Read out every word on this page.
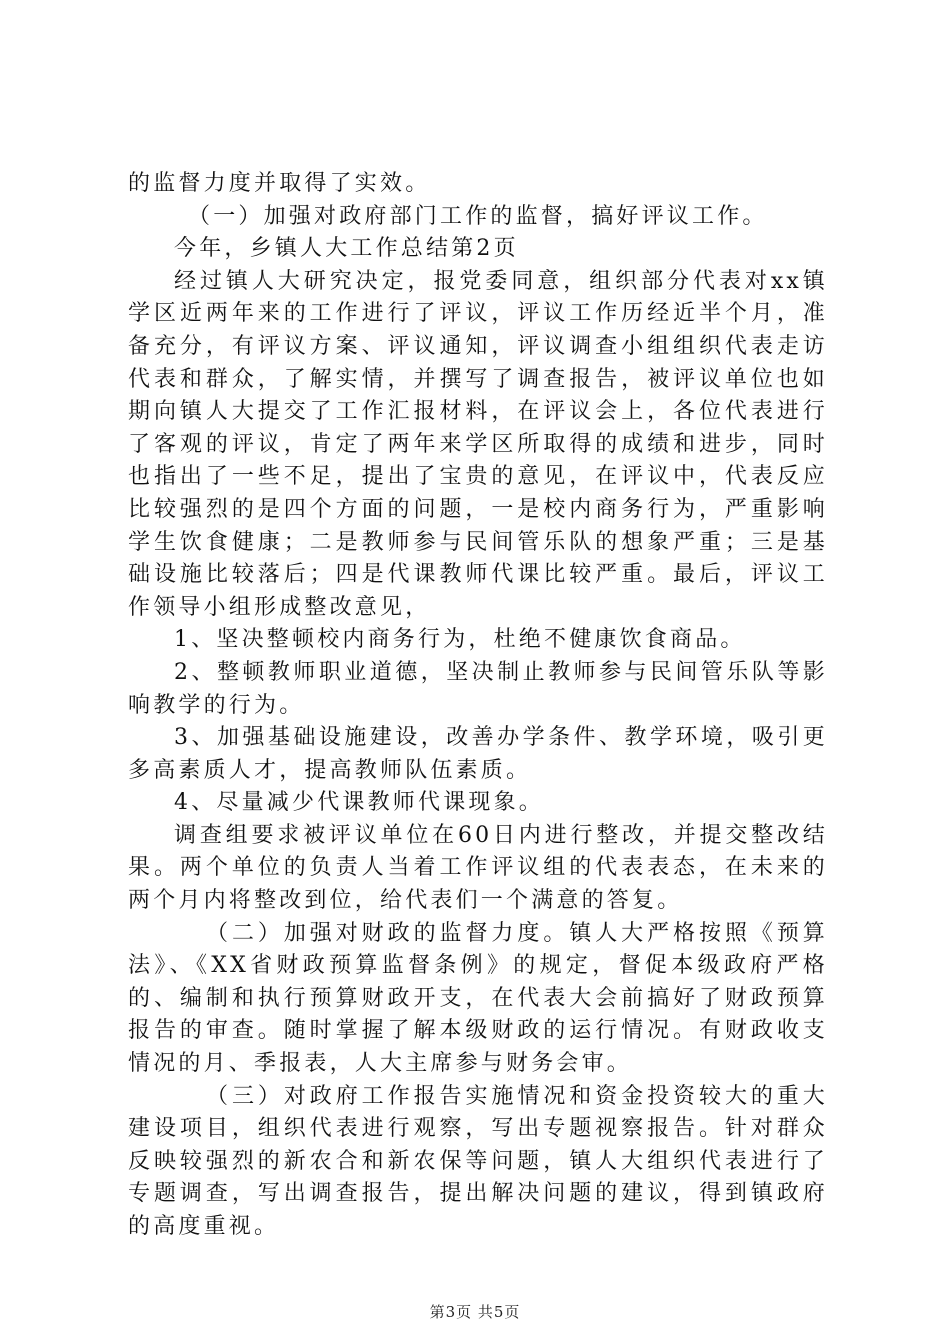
的监督力度并取得了实效。

（一）加强对政府部门工作的监督，搞好评议工作。

今年，乡镇人大工作总结第2页

经过镇人大研究决定，报党委同意，组织部分代表对xx镇学区近两年来的工作进行了评议，评议工作历经近半个月，准备充分，有评议方案、评议通知，评议调查小组组织代表走访代表和群众，了解实情，并撰写了调查报告，被评议单位也如期向镇人大提交了工作汇报材料，在评议会上，各位代表进行了客观的评议，肯定了两年来学区所取得的成绩和进步，同时也指出了一些不足，提出了宝贵的意见，在评议中，代表反应比较强烈的是四个方面的问题，一是校内商务行为，严重影响学生饮食健康；二是教师参与民间管乐队的想象严重；三是基础设施比较落后；四是代课教师代课比较严重。最后，评议工作领导小组形成整改意见，

1、坚决整顿校内商务行为，杜绝不健康饮食商品。

2、整顿教师职业道德，坚决制止教师参与民间管乐队等影响教学的行为。

3、加强基础设施建设，改善办学条件、教学环境，吸引更多高素质人才，提高教师队伍素质。

4、尽量减少代课教师代课现象。

调查组要求被评议单位在60日内进行整改，并提交整改结果。两个单位的负责人当着工作评议组的代表表态，在未来的两个月内将整改到位，给代表们一个满意的答复。

（二）加强对财政的监督力度。镇人大严格按照《预算法》、《XX省财政预算监督条例》的规定，督促本级政府严格的、编制和执行预算财政开支，在代表大会前搞好了财政预算报告的审查。随时掌握了解本级财政的运行情况。有财政收支情况的月、季报表，人大主席参与财务会审。

（三）对政府工作报告实施情况和资金投资较大的重大建设项目，组织代表进行观察，写出专题视察报告。针对群众反映较强烈的新农合和新农保等问题，镇人大组织代表进行了专题调查，写出调查报告，提出解决问题的建议，得到镇政府的高度重视。

第3页 共5页
